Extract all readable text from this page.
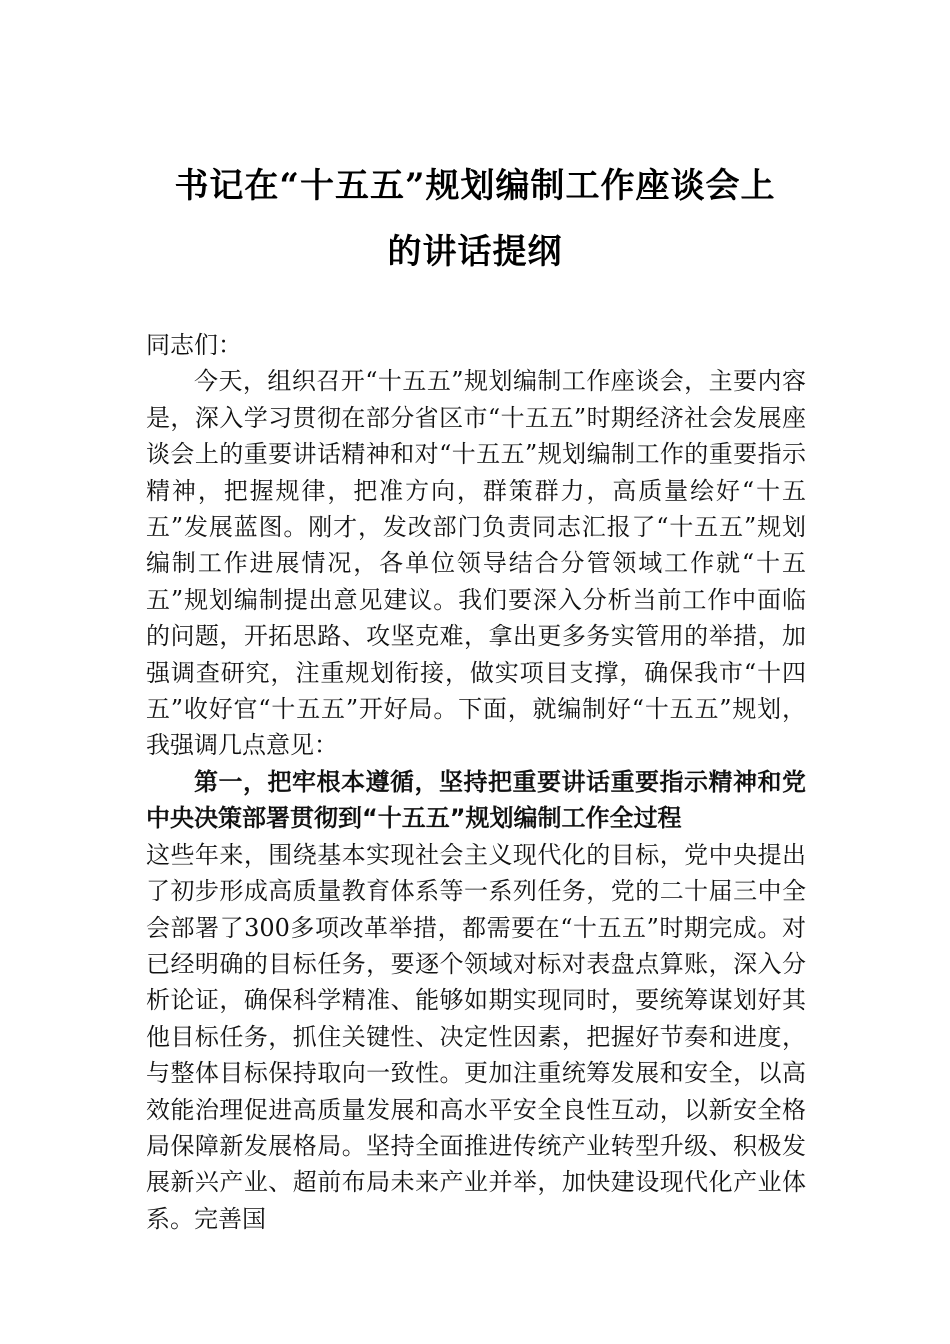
书记在“十五五”规划编制工作座谈会上
的讲话提纲

同志们：

今天，组织召开“十五五”规划编制工作座谈会，主要内容是，深入学习贯彻在部分省区市“十五五”时期经济社会发展座谈会上的重要讲话精神和对“十五五”规划编制工作的重要指示精神，把握规律，把准方向，群策群力，高质量绘好“十五五”发展蓝图。刚才，发改部门负责同志汇报了“十五五”规划编制工作进展情况，各单位领导结合分管领域工作就“十五五”规划编制提出意见建议。我们要深入分析当前工作中面临的问题，开拓思路、攻坚克难，拿出更多务实管用的举措，加强调查研究，注重规划衔接，做实项目支撑，确保我市“十四五”收好官“十五五”开好局。下面，就编制好“十五五”规划，我强调几点意见：

第一，把牢根本遵循，坚持把重要讲话重要指示精神和党中央决策部署贯彻到“十五五”规划编制工作全过程

这些年来，围绕基本实现社会主义现代化的目标，党中央提出了初步形成高质量教育体系等一系列任务，党的二十届三中全会部署了300多项改革举措，都需要在“十五五”时期完成。对已经明确的目标任务，要逐个领域对标对表盘点算账，深入分析论证，确保科学精准、能够如期实现同时，要统筹谋划好其他目标任务，抓住关键性、决定性因素，把握好节奏和进度，与整体目标保持取向一致性。更加注重统筹发展和安全，以高效能治理促进高质量发展和高水平安全良性互动，以新安全格局保障新发展格局。坚持全面推进传统产业转型升级、积极发展新兴产业、超前布局未来产业并举，加快建设现代化产业体系。完善国
